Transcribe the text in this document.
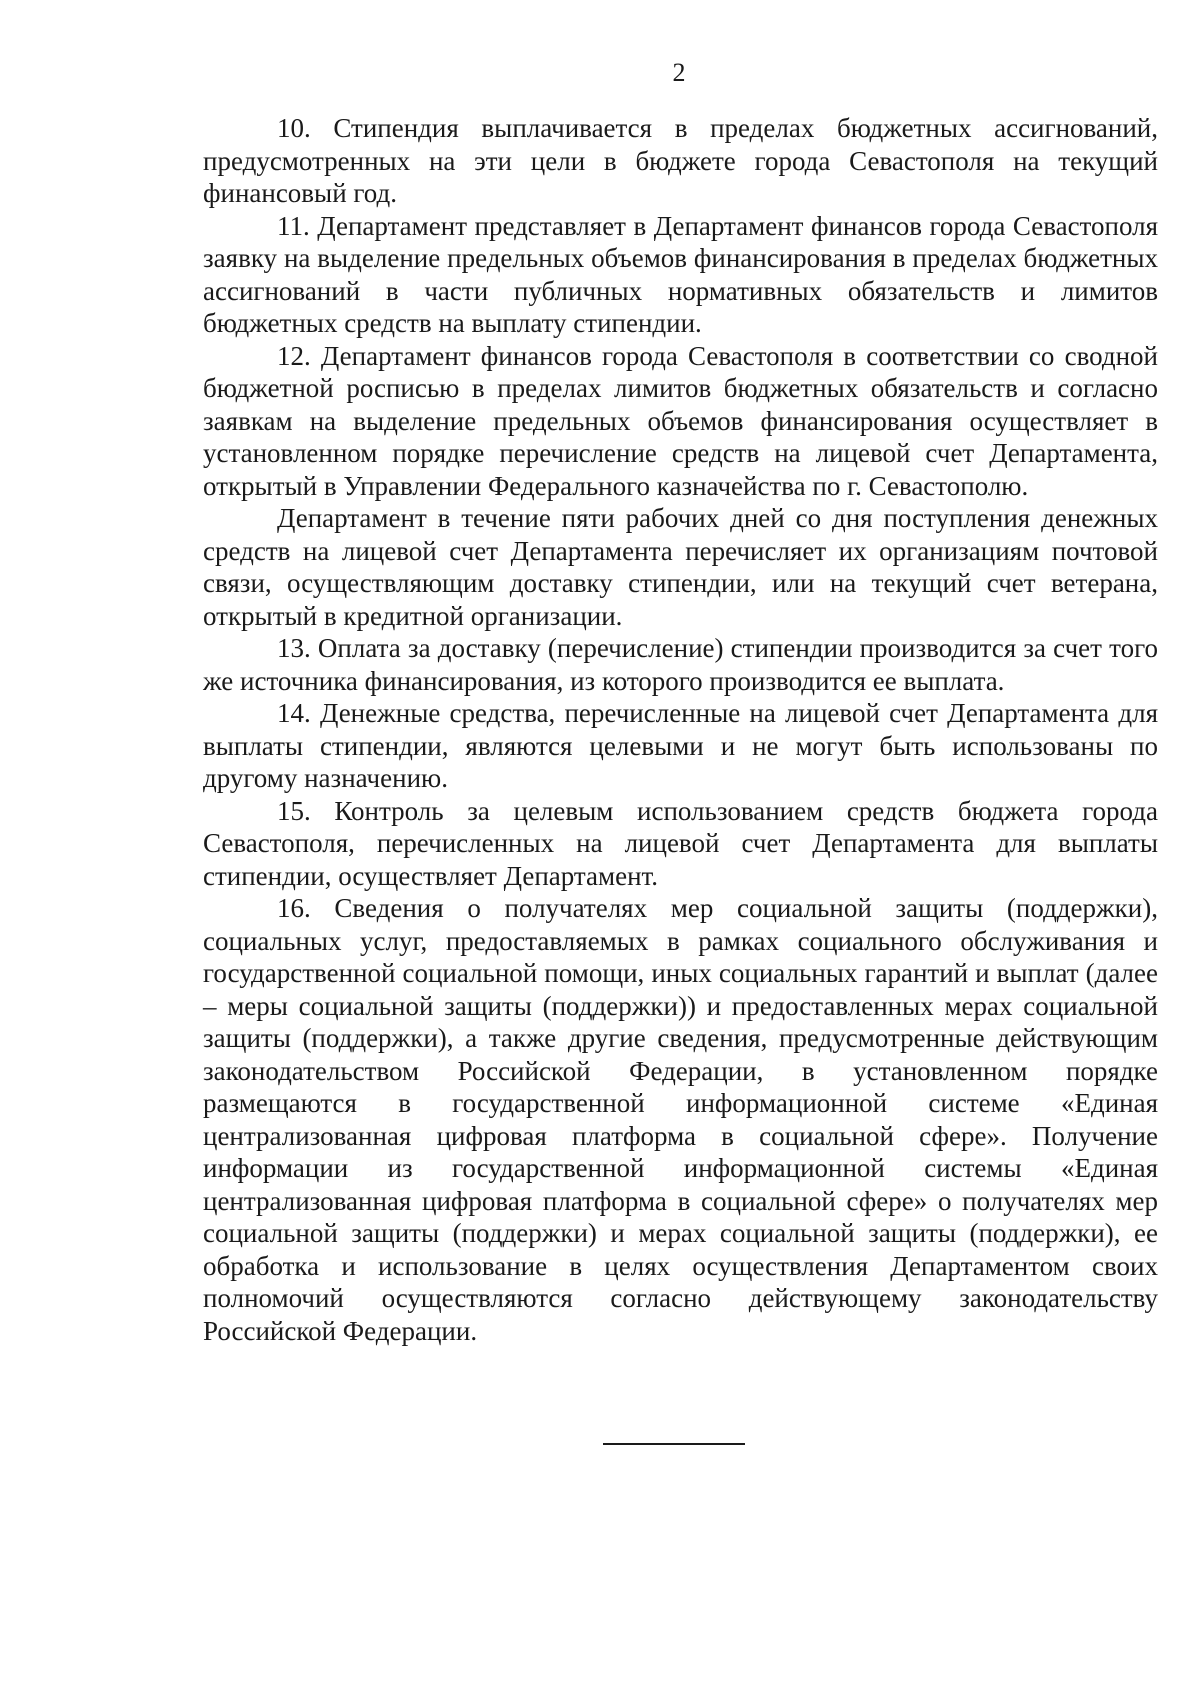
2

10. Стипендия выплачивается в пределах бюджетных ассигнований, предусмотренных на эти цели в бюджете города Севастополя на текущий финансовый год.

11. Департамент представляет в Департамент финансов города Севастополя заявку на выделение предельных объемов финансирования в пределах бюджетных ассигнований в части публичных нормативных обязательств и лимитов бюджетных средств на выплату стипендии.

12. Департамент финансов города Севастополя в соответствии со сводной бюджетной росписью в пределах лимитов бюджетных обязательств и согласно заявкам на выделение предельных объемов финансирования осуществляет в установленном порядке перечисление средств на лицевой счет Департамента, открытый в Управлении Федерального казначейства по г. Севастополю.

Департамент в течение пяти рабочих дней со дня поступления денежных средств на лицевой счет Департамента перечисляет их организациям почтовой связи, осуществляющим доставку стипендии, или на текущий счет ветерана, открытый в кредитной организации.

13. Оплата за доставку (перечисление) стипендии производится за счет того же источника финансирования, из которого производится ее выплата.

14. Денежные средства, перечисленные на лицевой счет Департамента для выплаты стипендии, являются целевыми и не могут быть использованы по другому назначению.

15. Контроль за целевым использованием средств бюджета города Севастополя, перечисленных на лицевой счет Департамента для выплаты стипендии, осуществляет Департамент.

16. Сведения о получателях мер социальной защиты (поддержки), социальных услуг, предоставляемых в рамках социального обслуживания и государственной социальной помощи, иных социальных гарантий и выплат (далее – меры социальной защиты (поддержки)) и предоставленных мерах социальной защиты (поддержки), а также другие сведения, предусмотренные действующим законодательством Российской Федерации, в установленном порядке размещаются в государственной информационной системе «Единая централизованная цифровая платформа в социальной сфере». Получение информации из государственной информационной системы «Единая централизованная цифровая платформа в социальной сфере» о получателях мер социальной защиты (поддержки) и мерах социальной защиты (поддержки), ее обработка и использование в целях осуществления Департаментом своих полномочий осуществляются согласно действующему законодательству Российской Федерации.
